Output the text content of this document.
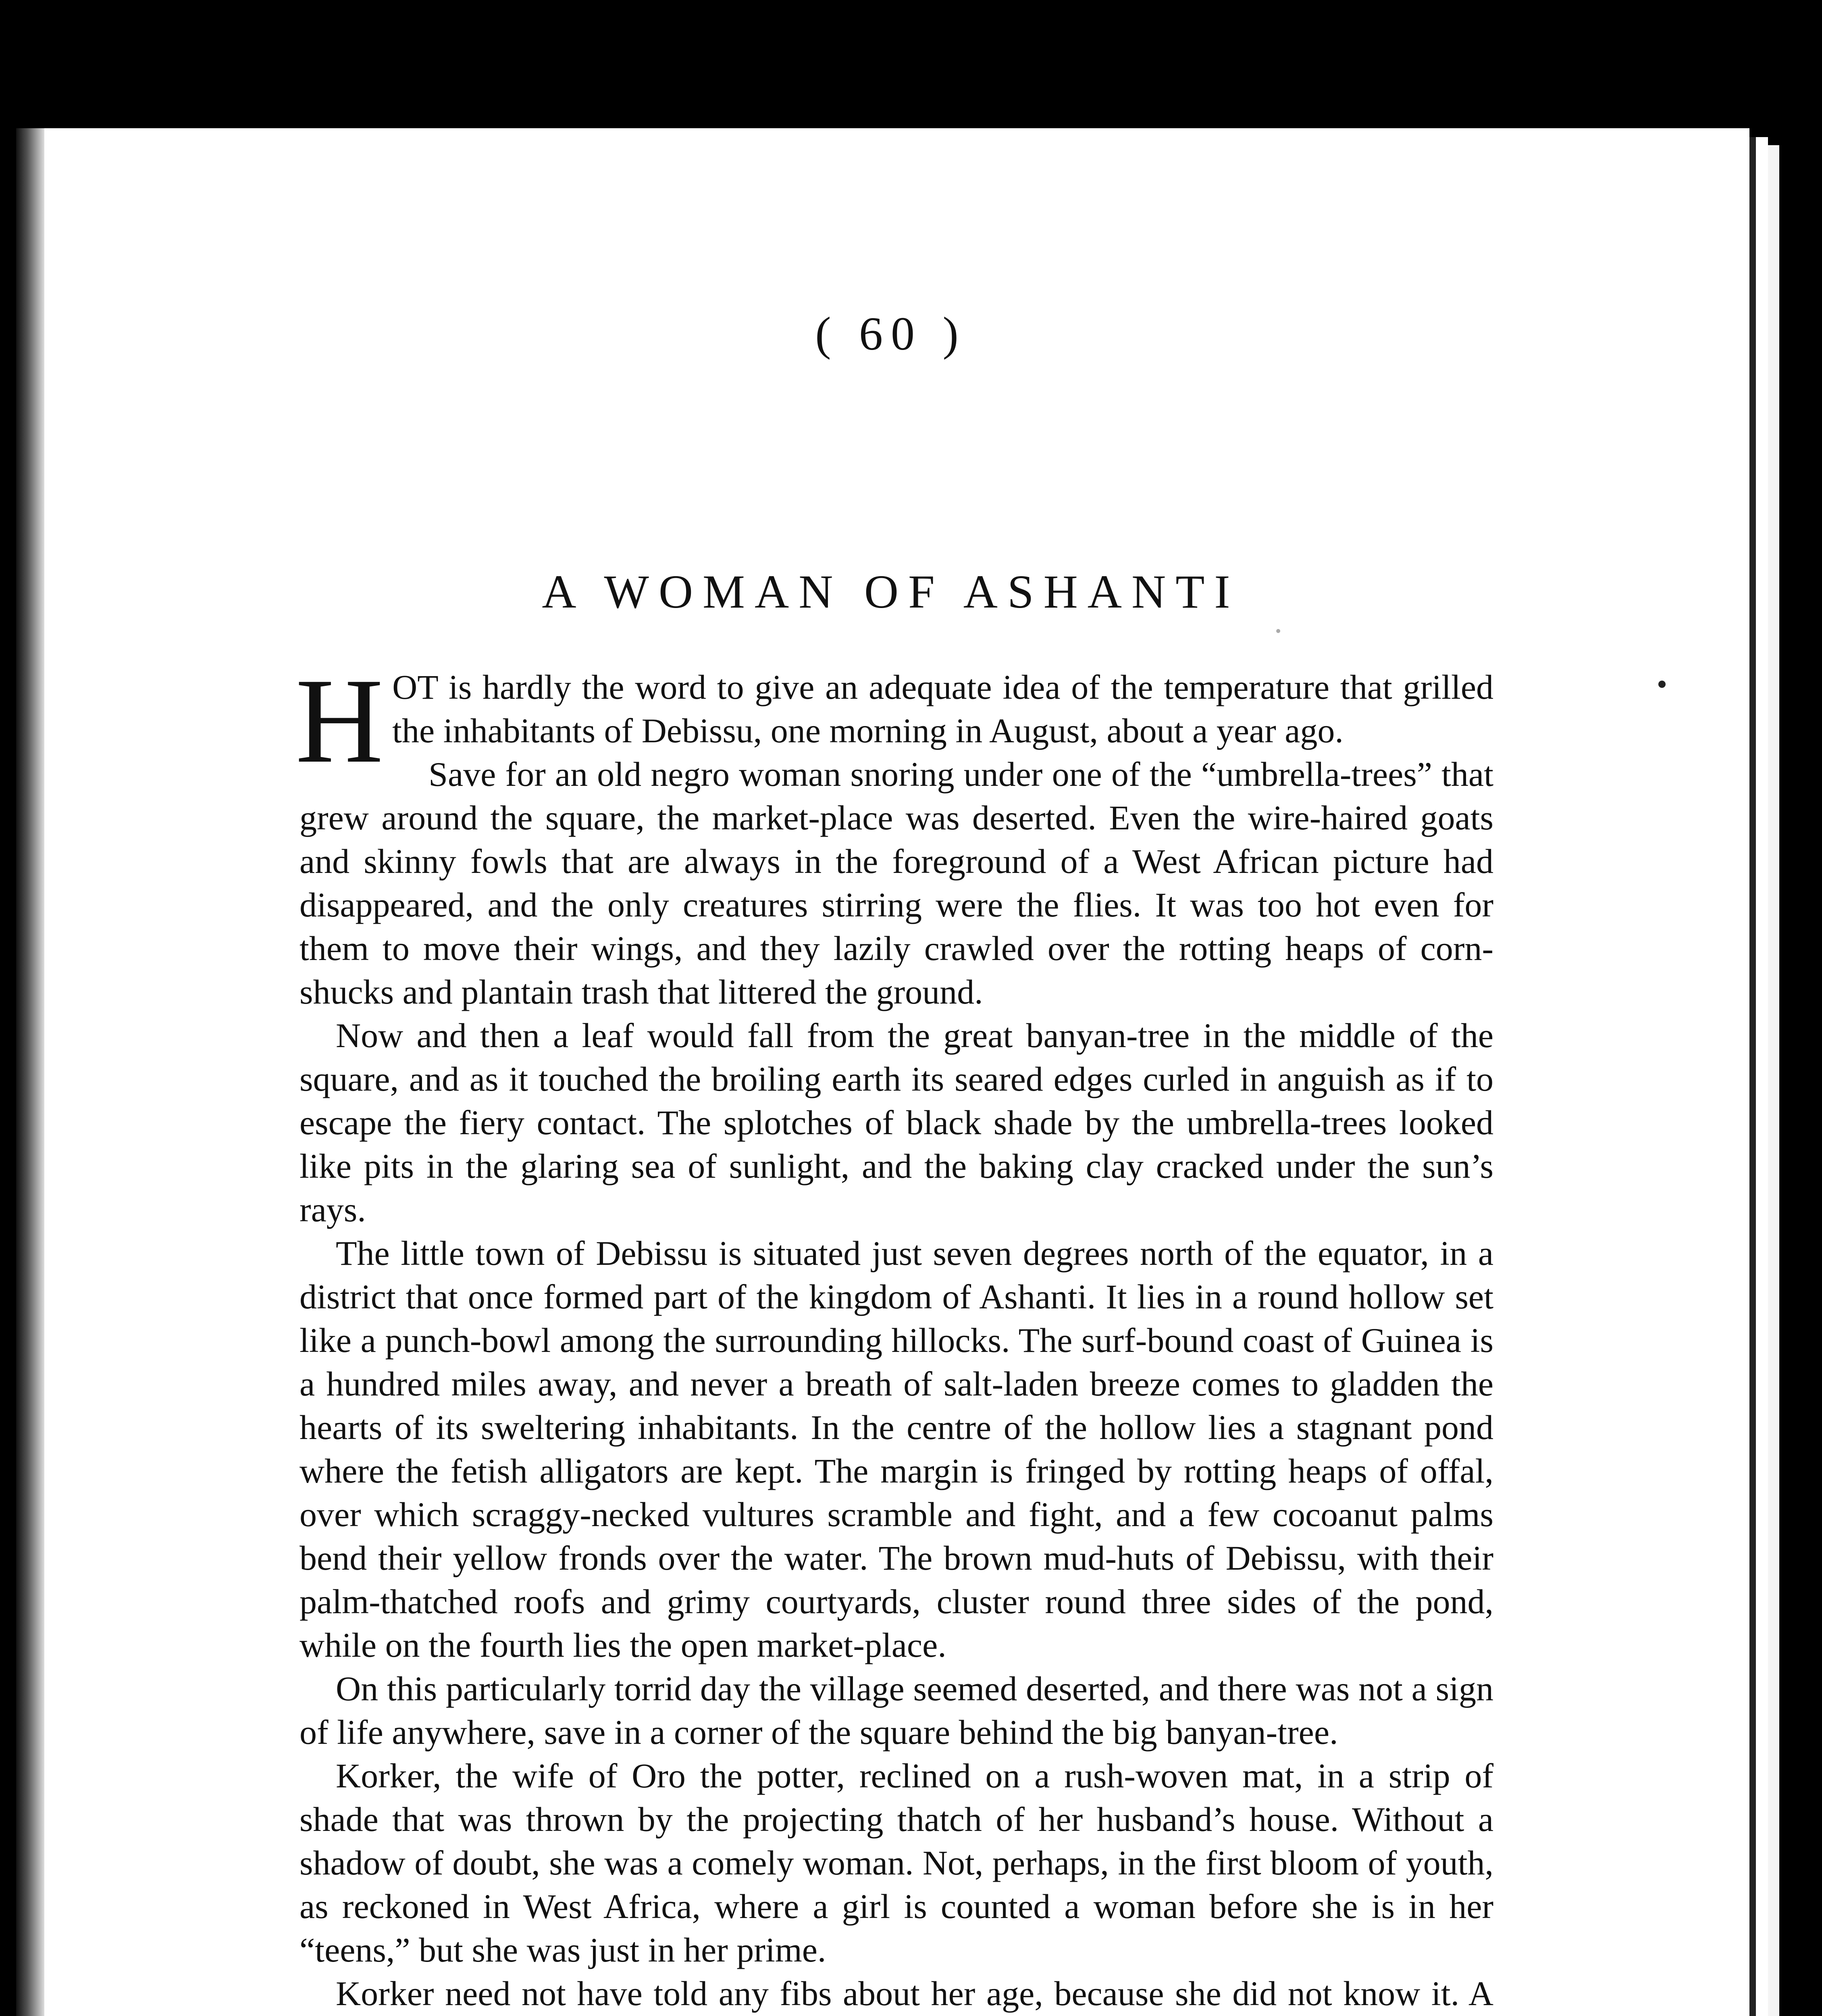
( 60 )

A WOMAN OF ASHANTI

HOT is hardly the word to give an adequate idea of the temperature that grilled the inhabitants of Debissu, one morning in August, about a year ago.

Save for an old negro woman snoring under one of the “umbrella-trees” that grew around the square, the market-place was deserted. Even the wire-haired goats and skinny fowls that are always in the foreground of a West African picture had disappeared, and the only creatures stirring were the flies. It was too hot even for them to move their wings, and they lazily crawled over the rotting heaps of corn-shucks and plantain trash that littered the ground.

Now and then a leaf would fall from the great banyan-tree in the middle of the square, and as it touched the broiling earth its seared edges curled in anguish as if to escape the fiery contact. The splotches of black shade by the umbrella-trees looked like pits in the glaring sea of sunlight, and the baking clay cracked under the sun’s rays.

The little town of Debissu is situated just seven degrees north of the equator, in a district that once formed part of the kingdom of Ashanti. It lies in a round hollow set like a punch-bowl among the surrounding hillocks. The surf-bound coast of Guinea is a hundred miles away, and never a breath of salt-laden breeze comes to gladden the hearts of its sweltering inhabitants. In the centre of the hollow lies a stagnant pond where the fetish alligators are kept. The margin is fringed by rotting heaps of offal, over which scraggy-necked vultures scramble and fight, and a few cocoanut palms bend their yellow fronds over the water. The brown mud-huts of Debissu, with their palm-thatched roofs and grimy courtyards, cluster round three sides of the pond, while on the fourth lies the open market-place.

On this particularly torrid day the village seemed deserted, and there was not a sign of life anywhere, save in a corner of the square behind the big banyan-tree.

Korker, the wife of Oro the potter, reclined on a rush-woven mat, in a strip of shade that was thrown by the projecting thatch of her husband’s house. Without a shadow of doubt, she was a comely woman. Not, perhaps, in the first bloom of youth, as reckoned in West Africa, where a girl is counted a woman before she is in her “teens,” but she was just in her prime.

Korker need not have told any fibs about her age, because she did not know it. A
